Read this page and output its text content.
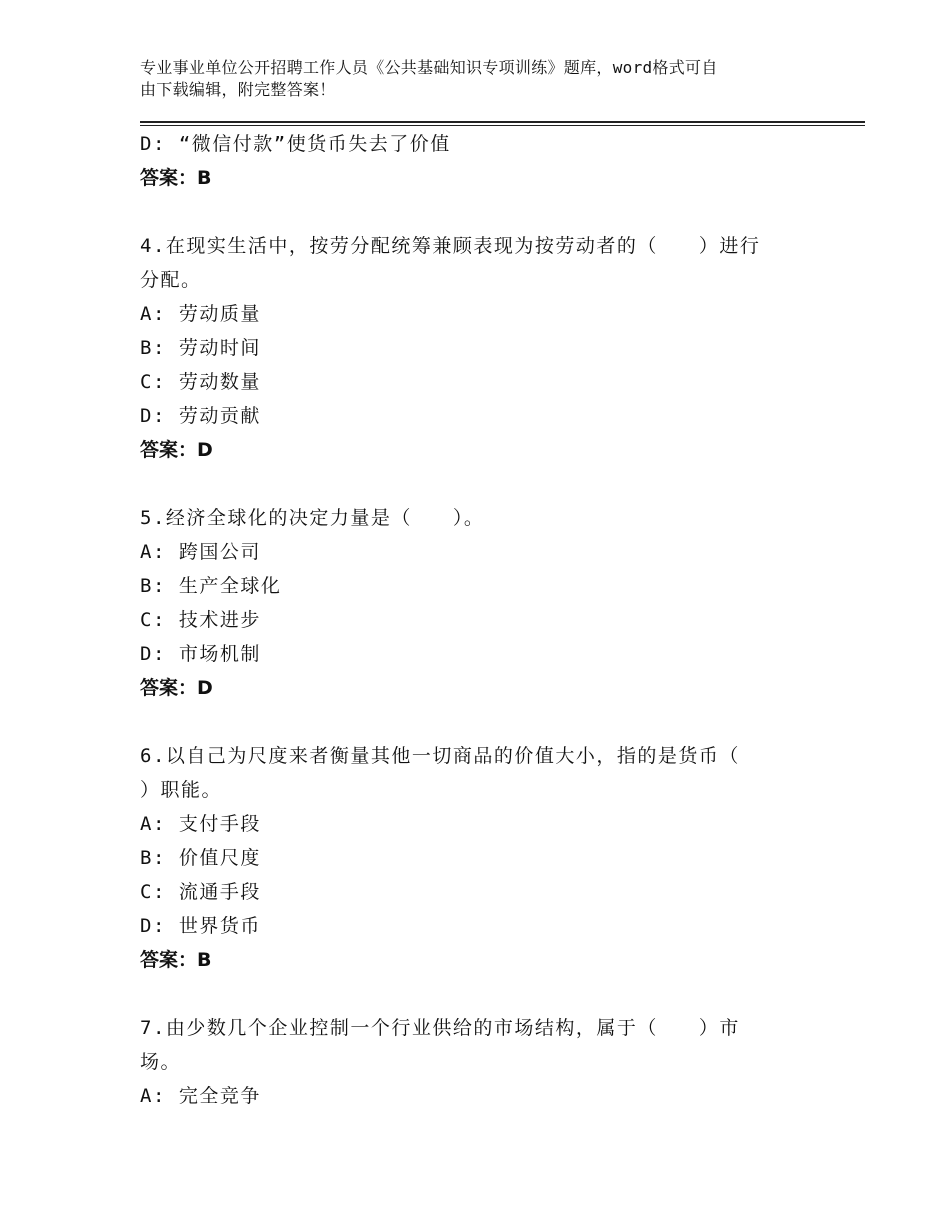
专业事业单位公开招聘工作人员《公共基础知识专项训练》题库，word格式可自
由下载编辑，附完整答案！
D: “微信付款”使货币失去了价值
答案：B
4.在现实生活中，按劳分配统筹兼顾表现为按劳动者的（　　）进行
分配。
A: 劳动质量
B: 劳动时间
C: 劳动数量
D: 劳动贡献
答案：D
5.经济全球化的决定力量是（　　）。
A: 跨国公司
B: 生产全球化
C: 技术进步
D: 市场机制
答案：D
6.以自己为尺度来者衡量其他一切商品的价值大小，指的是货币（
）职能。
A: 支付手段
B: 价值尺度
C: 流通手段
D: 世界货币
答案：B
7.由少数几个企业控制一个行业供给的市场结构，属于（　　）市
场。
A: 完全竞争
